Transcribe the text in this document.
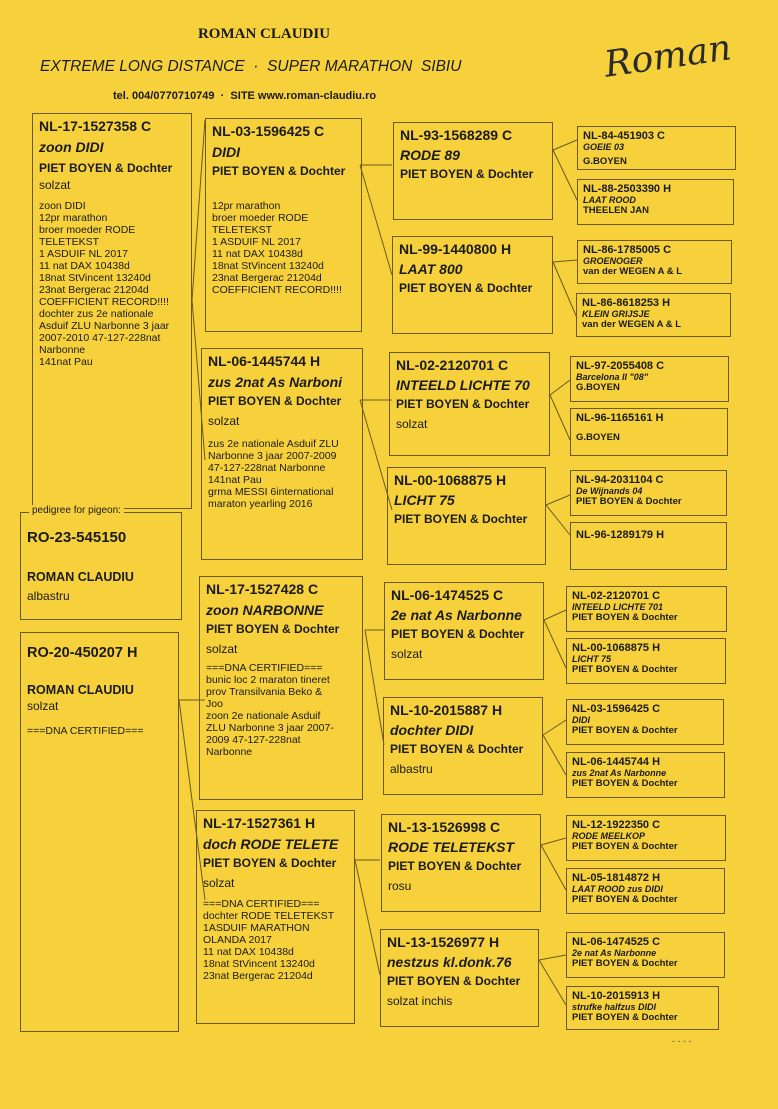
ROMAN CLAUDIU
EXTREME LONG DISTANCE  ·  SUPER MARATHON  SIBIU
tel. 004/0770710749  ·  SITE www.roman-claudiu.ro
Roman
NL-17-1527358 C
zoon DIDI
PIET BOYEN & Dochter
solzat
zoon DIDI
12pr marathon
broer moeder RODE
TELETEKST
1 ASDUIF NL 2017
11 nat DAX 10438d
18nat StVincent 13240d
23nat Bergerac 21204d
COEFFICIENT RECORD!!!!
dochter zus 2e nationale
Asduif ZLU Narbonne 3 jaar
2007-2010 47-127-228nat
Narbonne
141nat Pau
pedigree for pigeon:
RO-23-545150
ROMAN CLAUDIU
albastru
RO-20-450207 H
ROMAN CLAUDIU
solzat
===DNA CERTIFIED===
NL-03-1596425 C
DIDI
PIET BOYEN & Dochter
12pr marathon
broer moeder RODE
TELETEKST
1 ASDUIF NL 2017
11 nat DAX 10438d
18nat StVincent 13240d
23nat Bergerac 21204d
COEFFICIENT RECORD!!!!
NL-06-1445744 H
zus 2nat As Narboni
PIET BOYEN & Dochter
solzat
zus 2e nationale Asduif ZLU
Narbonne 3 jaar 2007-2009
47-127-228nat Narbonne
141nat Pau
grma MESSI 6international
maraton yearling 2016
NL-17-1527428 C
zoon NARBONNE
PIET BOYEN & Dochter
solzat
===DNA CERTIFIED===
bunic loc 2 maraton tineret
prov Transilvania Beko &
Joo
zoon 2e nationale Asduif
ZLU Narbonne 3 jaar 2007-
2009 47-127-228nat
Narbonne
NL-17-1527361 H
doch RODE TELETE
PIET BOYEN & Dochter
solzat
===DNA CERTIFIED===
dochter RODE TELETEKST
1ASDUIF MARATHON
OLANDA 2017
11 nat DAX 10438d
18nat StVincent 13240d
23nat Bergerac 21204d
NL-93-1568289 C
RODE 89
PIET BOYEN & Dochter
NL-99-1440800 H
LAAT 800
PIET BOYEN & Dochter
NL-02-2120701 C
INTEELD LICHTE 70
PIET BOYEN & Dochter
solzat
NL-00-1068875 H
LICHT 75
PIET BOYEN & Dochter
NL-06-1474525 C
2e nat As Narbonne
PIET BOYEN & Dochter
solzat
NL-10-2015887 H
dochter DIDI
PIET BOYEN & Dochter
albastru
NL-13-1526998 C
RODE TELETEKST
PIET BOYEN & Dochter
rosu
NL-13-1526977 H
nestzus kl.donk.76
PIET BOYEN & Dochter
solzat inchis
NL-84-451903 C
GOEIE 03
G.BOYEN
NL-88-2503390 H
LAAT ROOD
THEELEN JAN
NL-86-1785005 C
GROENOGER
van der WEGEN A & L
NL-86-8618253 H
KLEIN GRIJSJE
van der WEGEN A & L
NL-97-2055408 C
Barcelona II "08"
G.BOYEN
NL-96-1165161 H
G.BOYEN
NL-94-2031104 C
De Wijnands 04
PIET BOYEN & Dochter
NL-96-1289179 H
NL-02-2120701 C
INTEELD LICHTE 701
PIET BOYEN & Dochter
NL-00-1068875 H
LICHT 75
PIET BOYEN & Dochter
NL-03-1596425 C
DIDI
PIET BOYEN & Dochter
NL-06-1445744 H
zus 2nat As Narbonne
PIET BOYEN & Dochter
NL-12-1922350 C
RODE MEELKOP
PIET BOYEN & Dochter
NL-05-1814872 H
LAAT ROOD zus DIDI
PIET BOYEN & Dochter
NL-06-1474525 C
2e nat As Narbonne
PIET BOYEN & Dochter
NL-10-2015913 H
strufke halfzus DIDI
PIET BOYEN & Dochter
- - - -
